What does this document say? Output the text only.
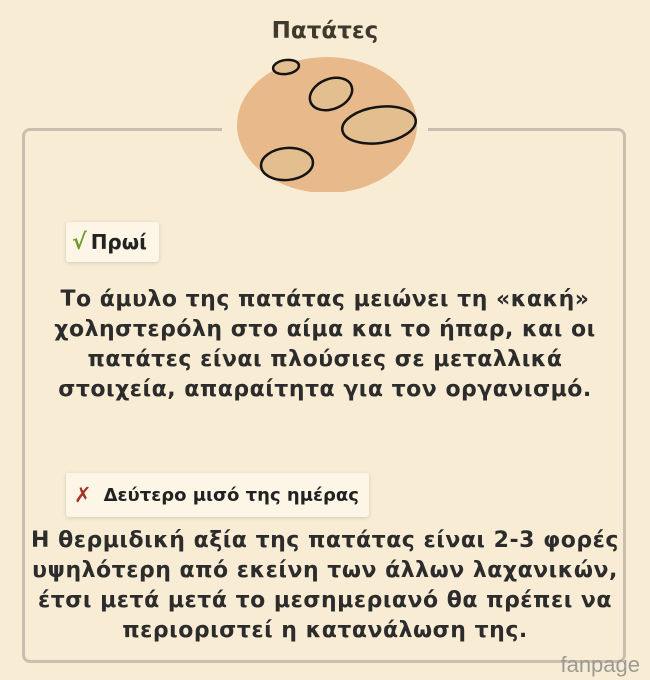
Πατάτες
√ Πρωί
Το άμυλο της πατάτας μειώνει τη «κακή» χοληστερόλη στο αίμα και το ήπαρ, και οι πατάτες είναι πλούσιες σε μεταλλικά στοιχεία, απαραίτητα για τον οργανισμό.
✗ Δεύτερο μισό της ημέρας
Η θερμιδική αξία της πατάτας είναι 2-3 φορές υψηλότερη από εκείνη των άλλων λαχανικών, έτσι μετά μετά το μεσημεριανό θα πρέπει να περιοριστεί η κατανάλωση της.
fanpage
